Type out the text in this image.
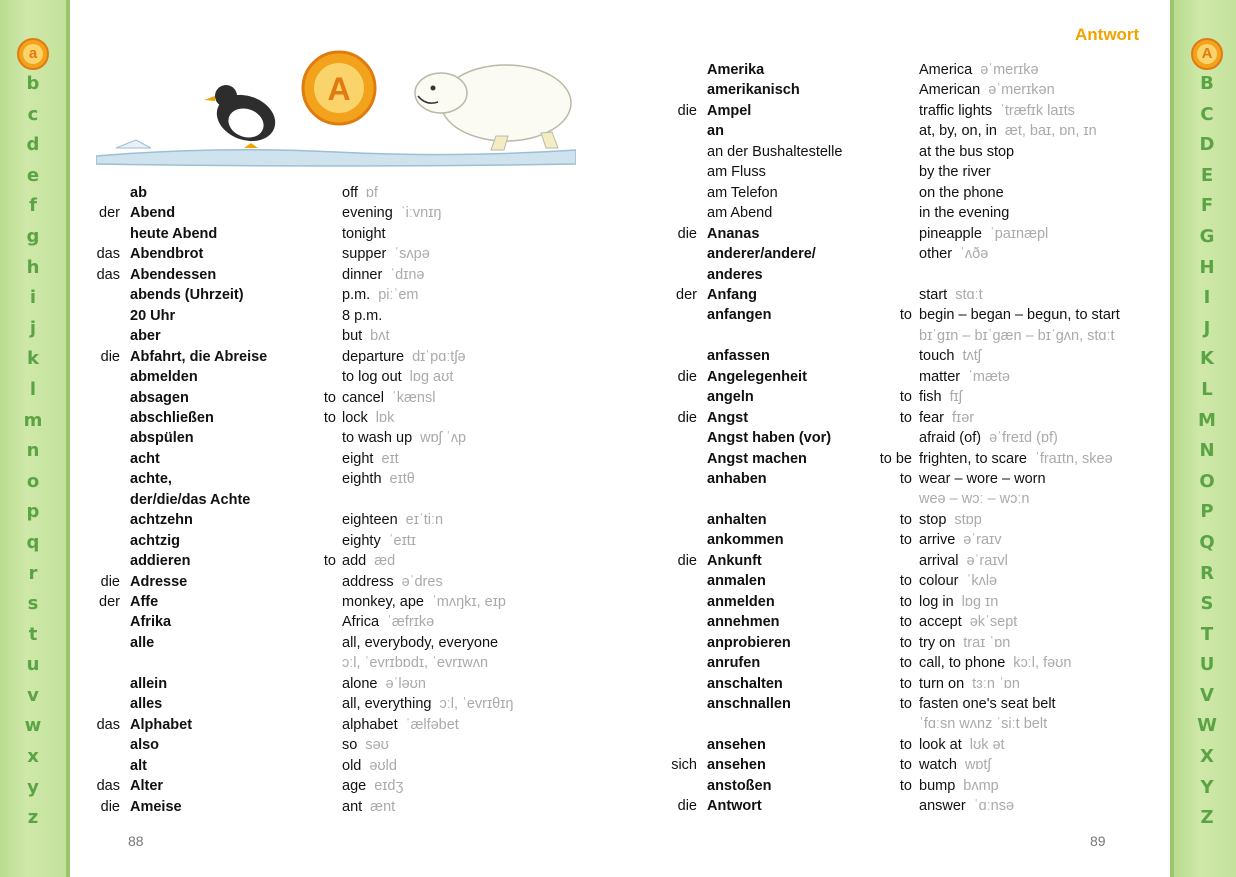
a
b
c
d
e
f
g
h
i
j
k
l
m
n
o
p
q
r
s
t
u
v
w
x
y
z
A
B
C
D
E
F
G
H
I
J
K
L
M
N
O
P
Q
R
S
T
U
V
W
X
Y
Z
Antwort
A
ab	off ɒf
der Abend	evening ˈiːvnɪŋ
heute Abend	tonight
das Abendbrot	supper ˈsʌpə
das Abendessen	dinner ˈdɪnə
abends (Uhrzeit)	p.m. piːˈem
20 Uhr	8 p.m.
aber	but bʌt
die Abfahrt, die Abreise	departure dɪˈpɑːtʃə
abmelden	to log out lɒg aʊt
absagen	to cancel ˈkænsl
abschließen	to lock lɒk
abspülen	to wash up wɒʃ ˈʌp
acht	eight eɪt
achte,	eighth eɪtθ
der/die/das Achte
achtzehn	eighteen eɪˈtiːn
achtzig	eighty ˈeɪtɪ
addieren	to add æd
die Adresse	address əˈdres
der Affe	monkey, ape ˈmʌŋkɪ, eɪp
Afrika	Africa ˈæfrɪkə
alle	all, everybody, everyone
ɔːl, ˈevrɪbɒdɪ, ˈevrɪwʌn
allein	alone əˈləʊn
alles	all, everything ɔːl, ˈevrɪθɪŋ
das Alphabet	alphabet ˈælfəbet
also	so səʊ
alt	old əʊld
das Alter	age eɪdʒ
die Ameise	ant ænt
Amerika	America əˈmerɪkə
amerikanisch	American əˈmerɪkən
die Ampel	traffic lights ˈtræfɪk laɪts
an	at, by, on, in æt, baɪ, ɒn, ɪn
an der Bushaltestelle	at the bus stop
am Fluss	by the river
am Telefon	on the phone
am Abend	in the evening
die Ananas	pineapple ˈpaɪnæpl
anderer/andere/	other ˈʌðə
anderes
der Anfang	start stɑːt
anfangen	to begin – began – begun, to start
bɪˈgɪn – bɪˈgæn – bɪˈgʌn, stɑːt
anfassen	touch tʌtʃ
die Angelegenheit	matter ˈmætə
angeln	to fish fɪʃ
die Angst	to fear fɪər
Angst haben (vor)	afraid (of) əˈfreɪd (ɒf)
Angst machen	to be frighten, to scare ˈfraɪtn, skeə
anhaben	to wear – wore – worn
weə – wɔː – wɔːn
anhalten	to stop stɒp
ankommen	to arrive əˈraɪv
die Ankunft	arrival əˈraɪvl
anmalen	to colour ˈkʌlə
anmelden	to log in lɒg ɪn
annehmen	to accept əkˈsept
anprobieren	to try on traɪ ˈɒn
anrufen	to call, to phone kɔːl, fəʊn
anschalten	to turn on tɜːn ˈɒn
anschnallen	to fasten one's seat belt
ˈfɑːsn wʌnz ˈsiːt belt
ansehen	to look at lʊk ət
sich ansehen	to watch wɒtʃ
anstoßen	to bump bʌmp
die Antwort	answer ˈɑːnsə
88	89
